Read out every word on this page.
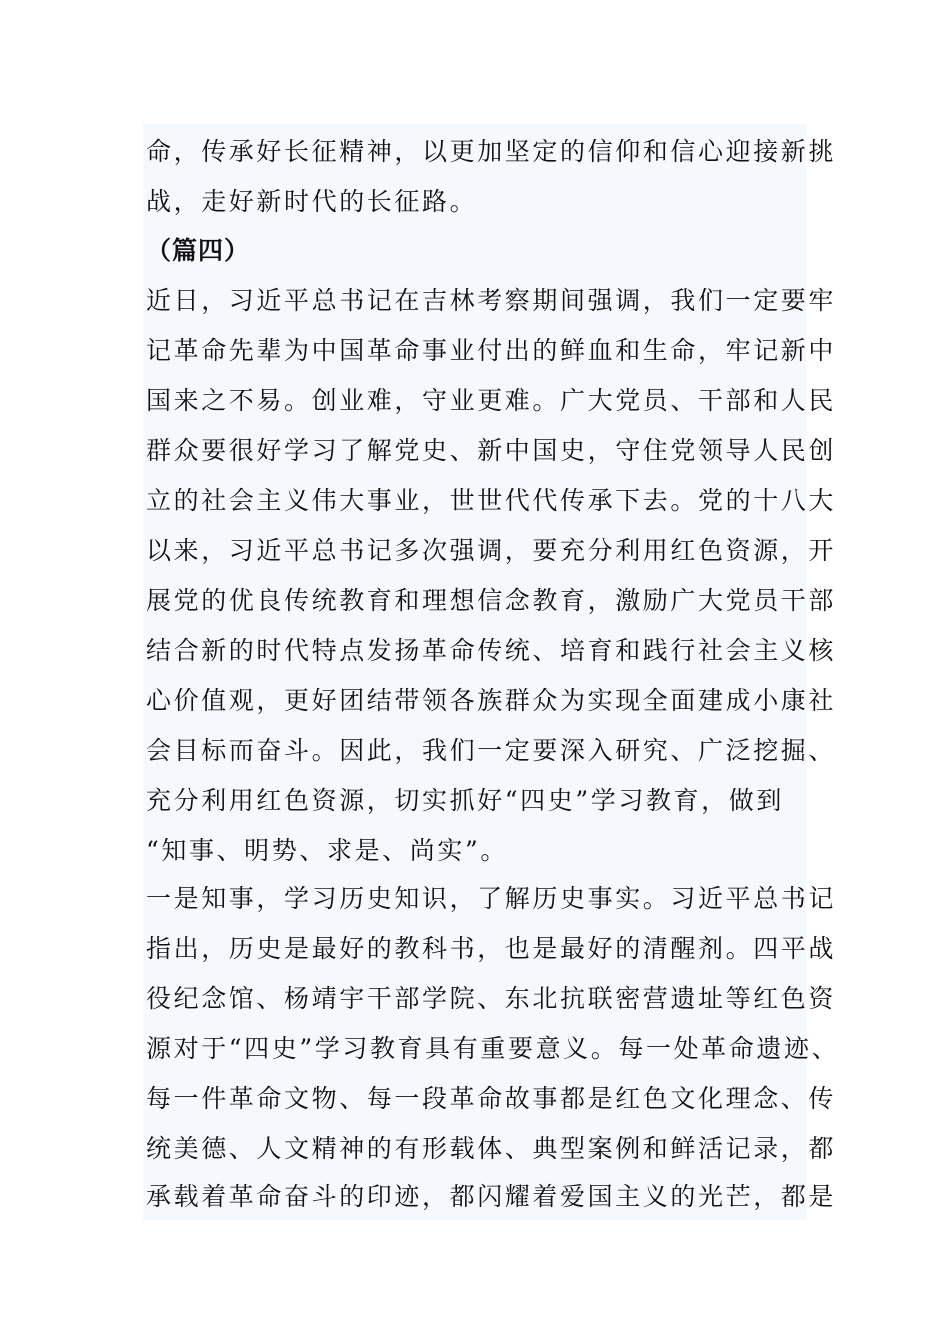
命，传承好长征精神，以更加坚定的信仰和信心迎接新挑
战，走好新时代的长征路。
（篇四）
近日，习近平总书记在吉林考察期间强调，我们一定要牢
记革命先辈为中国革命事业付出的鲜血和生命，牢记新中
国来之不易。创业难，守业更难。广大党员、干部和人民
群众要很好学习了解党史、新中国史，守住党领导人民创
立的社会主义伟大事业，世世代代传承下去。党的十八大
以来，习近平总书记多次强调，要充分利用红色资源，开
展党的优良传统教育和理想信念教育，激励广大党员干部
结合新的时代特点发扬革命传统、培育和践行社会主义核
心价值观，更好团结带领各族群众为实现全面建成小康社
会目标而奋斗。因此，我们一定要深入研究、广泛挖掘、
充分利用红色资源，切实抓好“四史”学习教育，做到
“知事、明势、求是、尚实”。
一是知事，学习历史知识，了解历史事实。习近平总书记
指出，历史是最好的教科书，也是最好的清醒剂。四平战
役纪念馆、杨靖宇干部学院、东北抗联密营遗址等红色资
源对于“四史”学习教育具有重要意义。每一处革命遗迹、
每一件革命文物、每一段革命故事都是红色文化理念、传
统美德、人文精神的有形载体、典型案例和鲜活记录，都
承载着革命奋斗的印迹，都闪耀着爱国主义的光芒，都是
